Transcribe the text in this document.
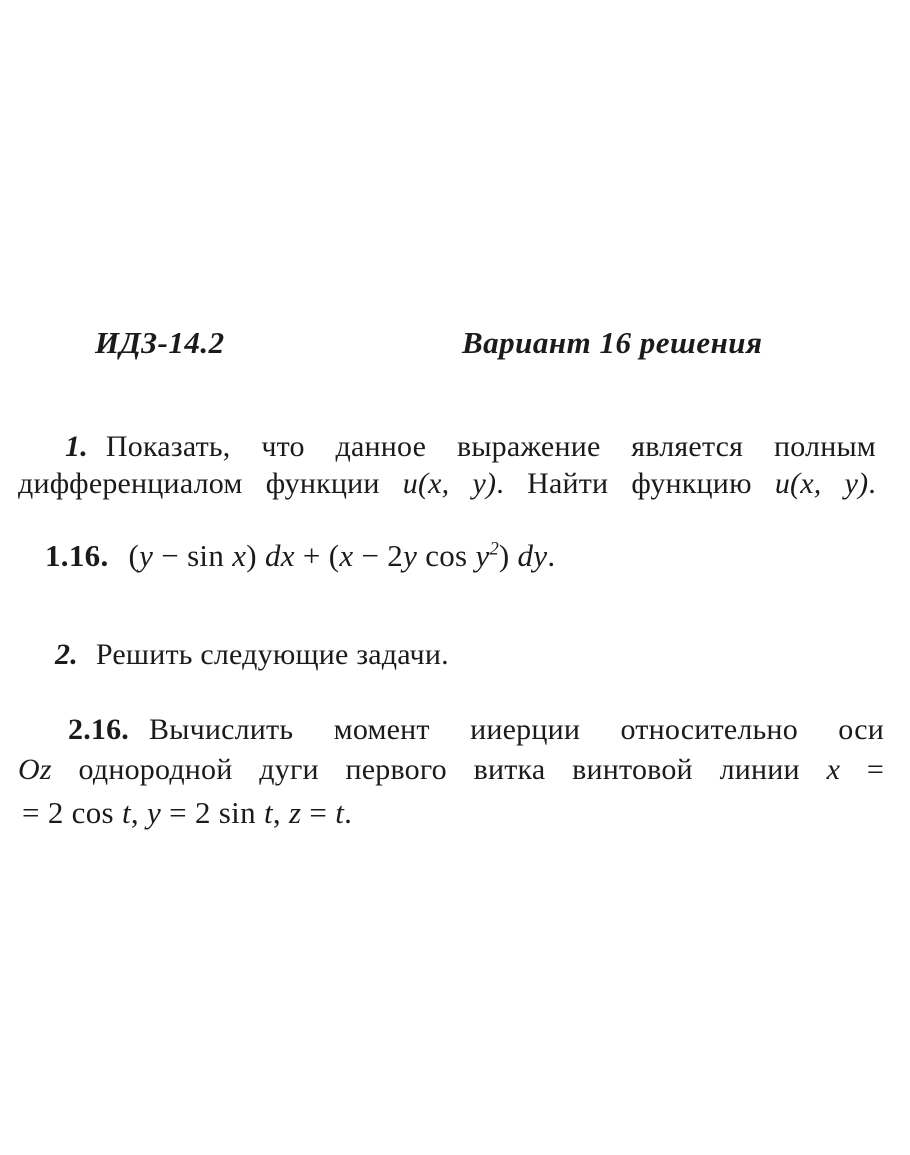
ИДЗ-14.2	Вариант 16 решения
1. Показать, что данное выражение является полным
дифференциалом функции u(x, y). Найти функцию u(x, y).
1.16. (y − sin x) dx + (x − 2y $\cos y^2$) dy.
2. Решить следующие задачи.
2.16. Вычислить момент ииерции относительно оси
Oz однородной дуги первого витка винтовой линии x =
= 2 cos t, y = 2 sin t, z = t.
